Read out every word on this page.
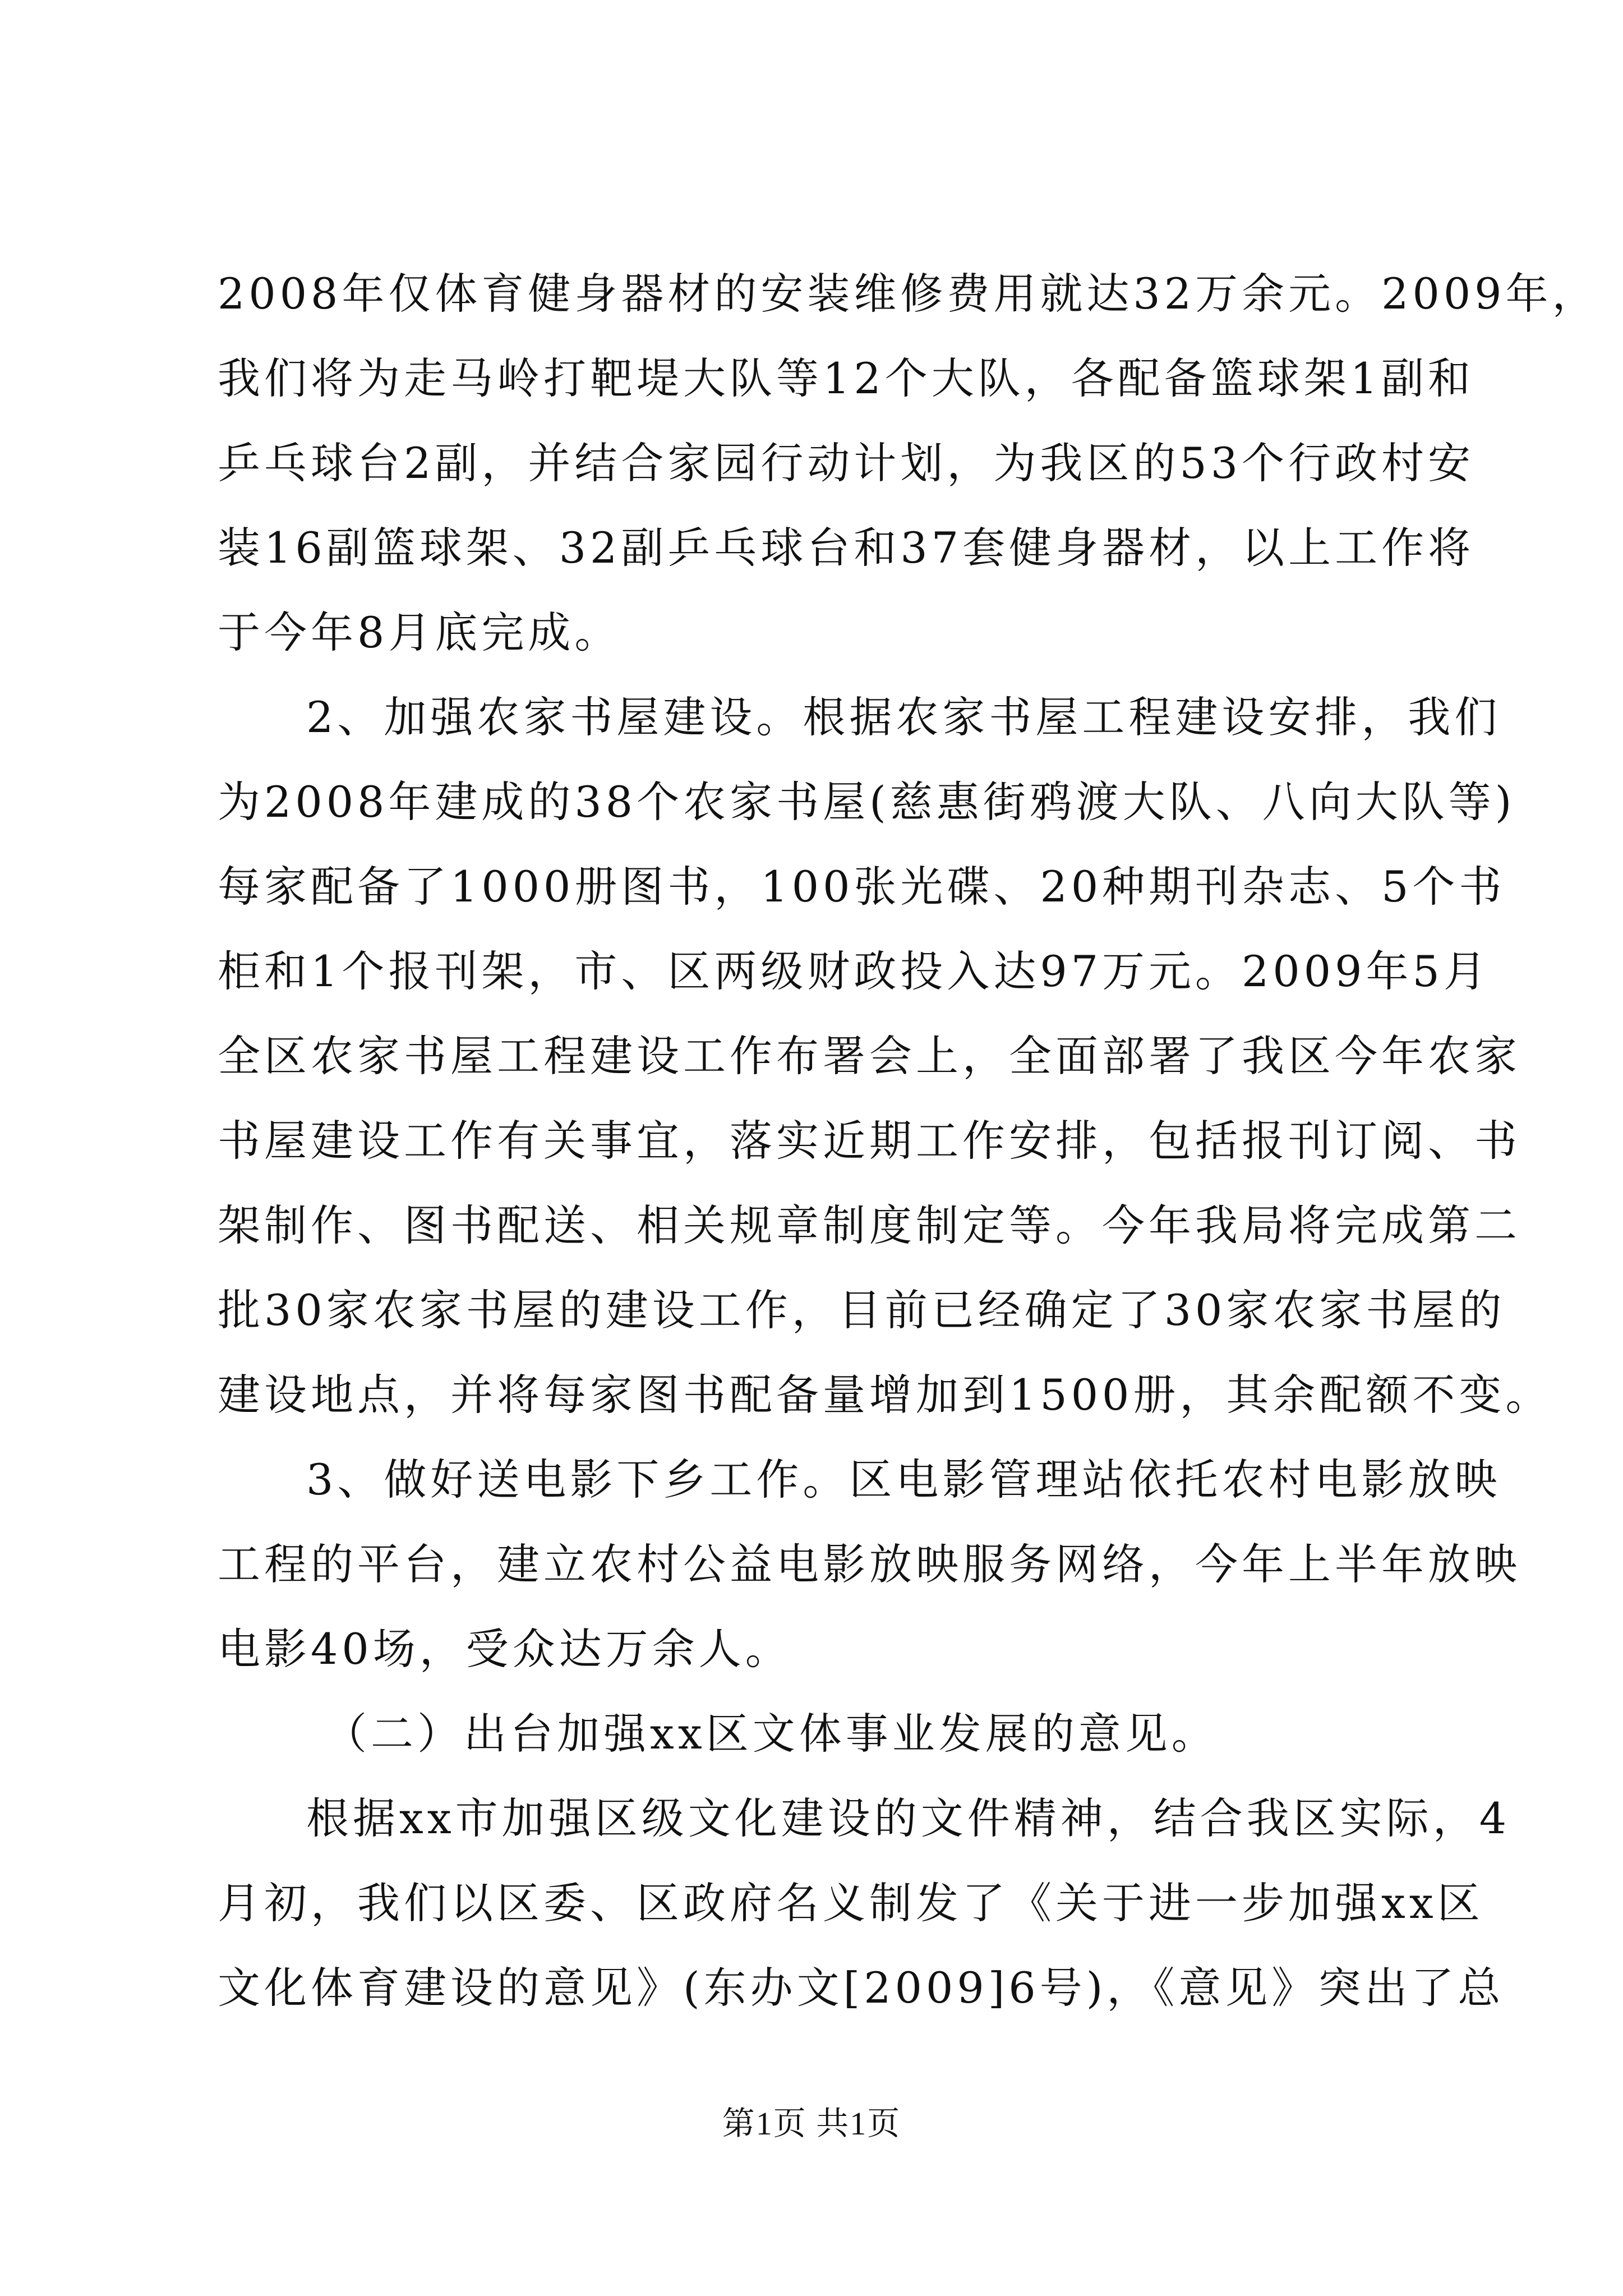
2008年仅体育健身器材的安装维修费用就达32万余元。2009年，
我们将为走马岭打靶堤大队等12个大队，各配备篮球架1副和
乒乓球台2副，并结合家园行动计划，为我区的53个行政村安
装16副篮球架、32副乒乓球台和37套健身器材，以上工作将
于今年8月底完成。
2、加强农家书屋建设。根据农家书屋工程建设安排，我们
为2008年建成的38个农家书屋(慈惠街鸦渡大队、八向大队等)
每家配备了1000册图书，100张光碟、20种期刊杂志、5个书
柜和1个报刊架，市、区两级财政投入达97万元。2009年5月
全区农家书屋工程建设工作布署会上，全面部署了我区今年农家
书屋建设工作有关事宜，落实近期工作安排，包括报刊订阅、书
架制作、图书配送、相关规章制度制定等。今年我局将完成第二
批30家农家书屋的建设工作，目前已经确定了30家农家书屋的
建设地点，并将每家图书配备量增加到1500册，其余配额不变。
3、做好送电影下乡工作。区电影管理站依托农村电影放映
工程的平台，建立农村公益电影放映服务网络，今年上半年放映
电影40场，受众达万余人。
（二）出台加强xx区文体事业发展的意见。
根据xx市加强区级文化建设的文件精神，结合我区实际，4
月初，我们以区委、区政府名义制发了《关于进一步加强xx区
文化体育建设的意见》(东办文[2009]6号)，《意见》突出了总
第1页 共1页
